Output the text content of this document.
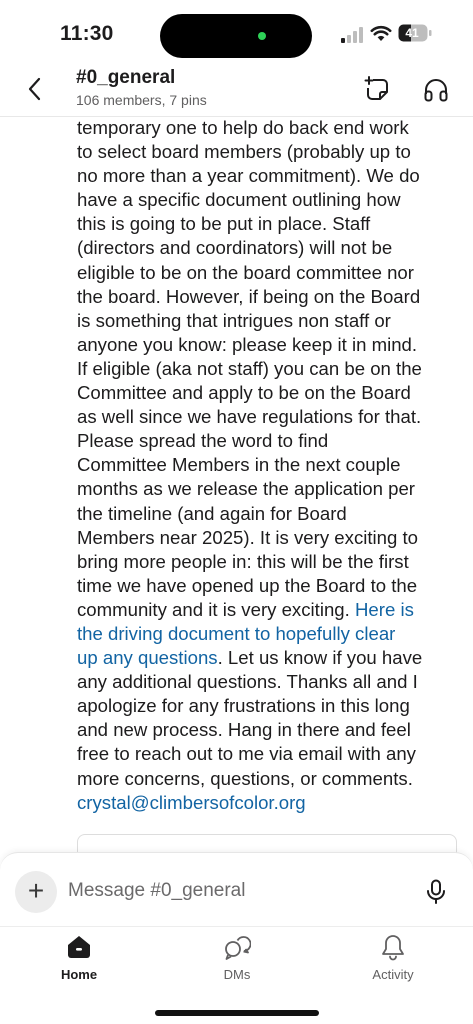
11:30	41
#0_general
106 members, 7 pins
temporary one to help do back end work
to select board members (probably up to
no more than a year commitment). We do
have a specific document outlining how
this is going to be put in place. Staff
(directors and coordinators) will not be
eligible to be on the board committee nor
the board. However, if being on the Board
is something that intrigues non staff or
anyone you know: please keep it in mind.
If eligible (aka not staff) you can be on the
Committee and apply to be on the Board
as well since we have regulations for that.
Please spread the word to find
Committee Members in the next couple
months as we release the application per
the timeline (and again for Board
Members near 2025). It is very exciting to
bring more people in: this will be the first
time we have opened up the Board to the
community and it is very exciting. Here is
the driving document to hopefully clear
up any questions. Let us know if you have
any additional questions. Thanks all and I
apologize for any frustrations in this long
and new process. Hang in there and feel
free to reach out to me via email with any
more concerns, questions, or comments.
crystal@climbersofcolor.org
+
Message #0_general
Home	DMs	Activity
